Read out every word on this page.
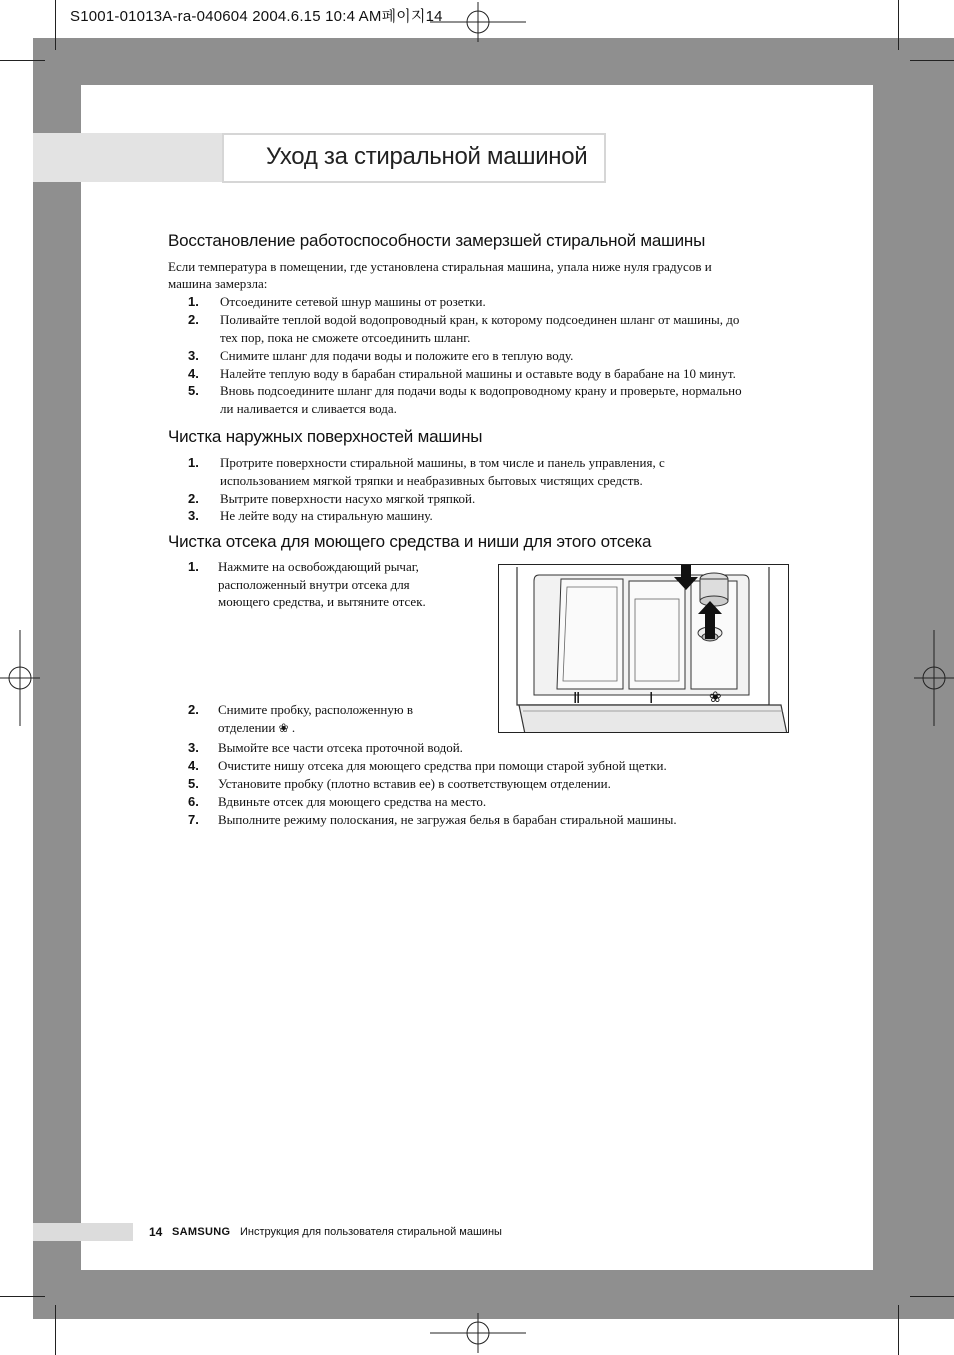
S1001-01013A-ra-040604 2004.6.15 10:4 AM페이지14
Уход за стиральной машиной
Восстановление работоспособности замерзшей стиральной машины
Если температура в помещении, где установлена стиральная машина, упала ниже нуля градусов и
машина замерзла:
1. Отсоедините сетевой шнур машины от розетки.
2. Поливайте теплой водой водопроводный кран, к которому подсоединен шланг от машины, до
тех пор, пока не сможете отсоединить шланг.
3. Снимите шланг для подачи воды и положите его в теплую воду.
4. Налейте теплую воду в барабан стиральной машины и оставьте воду в барабане на 10 минут.
5. Вновь подсоедините шланг для подачи воды к водопроводному крану и проверьте, нормально
ли наливается и сливается вода.
Чистка наружных поверхностей машины
1. Протрите поверхности стиральной машины, в том числе и панель управления, с
использованием мягкой тряпки и неабразивных бытовых чистящих средств.
2. Вытрите поверхности насухо мягкой тряпкой.
3. Не лейте воду на стиральную машину.
Чистка отсека для моющего средства и ниши для этого отсека
1. Нажмите на освобождающий рычаг,
расположенный внутри отсека для
моющего средства, и вытяните отсек.
2. Снимите пробку, расположенную в
отделении ❀ .
3. Вымойте все части отсека проточной водой.
4. Очистите нишу отсека для моющего средства при помощи старой зубной щетки.
5. Установите пробку (плотно вставив ее) в соответствующем отделении.
6. Вдвиньте отсек для моющего средства на место.
7. Выполните режиму полоскания, не загружая белья в барабан стиральной машины.
Ⅱ	Ⅰ	❀
14 SAMSUNG Инструкция для пользователя стиральной машины
